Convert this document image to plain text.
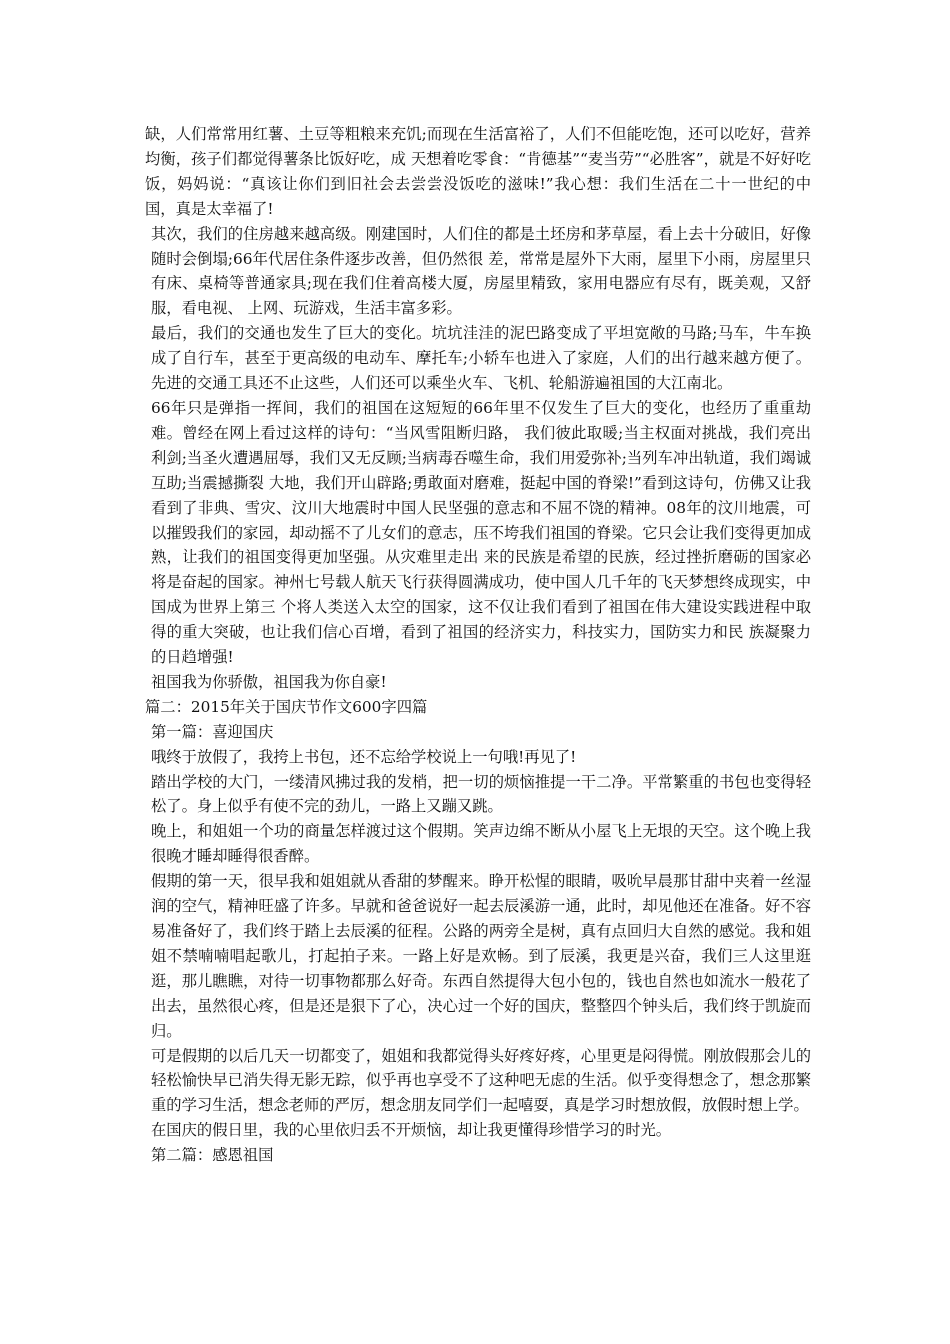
缺，人们常常用红薯、土豆等粗粮来充饥;而现在生活富裕了，人们不但能吃饱，还可以吃好，营养均衡，孩子们都觉得薯条比饭好吃，成 天想着吃零食：“肯德基”“麦当劳”“必胜客”，就是不好好吃饭，妈妈说：“真该让你们到旧社会去尝尝没饭吃的滋味!”我心想：我们生活在二十一世纪的中 国，真是太幸福了!

其次，我们的住房越来越高级。刚建国时，人们住的都是土坯房和茅草屋，看上去十分破旧，好像随时会倒塌;66年代居住条件逐步改善，但仍然很 差，常常是屋外下大雨，屋里下小雨，房屋里只有床、桌椅等普通家具;现在我们住着高楼大厦，房屋里精致，家用电器应有尽有，既美观，又舒服，看电视、 上网、玩游戏，生活丰富多彩。

最后，我们的交通也发生了巨大的变化。坑坑洼洼的泥巴路变成了平坦宽敞的马路;马车，牛车换成了自行车，甚至于更高级的电动车、摩托车;小轿车也进入了家庭，人们的出行越来越方便了。先进的交通工具还不止这些，人们还可以乘坐火车、飞机、轮船游遍祖国的大江南北。

66年只是弹指一挥间，我们的祖国在这短短的66年里不仅发生了巨大的变化，也经历了重重劫难。曾经在网上看过这样的诗句：“当风雪阻断归路， 我们彼此取暖;当主权面对挑战，我们亮出利剑;当圣火遭遇屈辱，我们又无反顾;当病毒吞噬生命，我们用爱弥补;当列车冲出轨道，我们竭诚互助;当震撼撕裂 大地，我们开山辟路;勇敢面对磨难，挺起中国的脊梁!”看到这诗句，仿佛又让我看到了非典、雪灾、汶川大地震时中国人民坚强的意志和不屈不饶的精神。08年的汶川地震，可以摧毁我们的家园，却动摇不了儿女们的意志，压不垮我们祖国的脊梁。它只会让我们变得更加成熟，让我们的祖国变得更加坚强。从灾难里走出 来的民族是希望的民族，经过挫折磨砺的国家必将是奋起的国家。神州七号载人航天飞行获得圆满成功，使中国人几千年的飞天梦想终成现实，中国成为世界上第三 个将人类送入太空的国家，这不仅让我们看到了祖国在伟大建设实践进程中取得的重大突破，也让我们信心百增，看到了祖国的经济实力，科技实力，国防实力和民 族凝聚力的日趋增强!

祖国我为你骄傲，祖国我为你自豪!

篇二：2015年关于国庆节作文600字四篇

第一篇：喜迎国庆

哦终于放假了，我挎上书包，还不忘给学校说上一句哦!再见了!

踏出学校的大门，一缕清风拂过我的发梢，把一切的烦恼推提一干二净。平常繁重的书包也变得轻松了。身上似乎有使不完的劲儿，一路上又蹦又跳。

晚上，和姐姐一个功的商量怎样渡过这个假期。笑声边绵不断从小屋飞上无垠的天空。这个晚上我很晚才睡却睡得很香醉。

假期的第一天，很早我和姐姐就从香甜的梦醒来。睁开松惺的眼睛，吸吮早晨那甘甜中夹着一丝湿润的空气，精神旺盛了许多。早就和爸爸说好一起去辰溪游一通，此时，却见他还在准备。好不容易准备好了，我们终于踏上去辰溪的征程。公路的两旁全是树，真有点回归大自然的感觉。我和姐姐不禁喃喃唱起歌儿，打起拍子来。一路上好是欢畅。到了辰溪，我更是兴奋，我们三人这里逛逛，那儿瞧瞧，对待一切事物都那么好奇。东西自然提得大包小包的，钱也自然也如流水一般花了出去，虽然很心疼，但是还是狠下了心，决心过一个好的国庆，整整四个钟头后，我们终于凯旋而归。

可是假期的以后几天一切都变了，姐姐和我都觉得头好疼好疼，心里更是闷得慌。刚放假那会儿的轻松愉快早已消失得无影无踪，似乎再也享受不了这种吧无虑的生活。似乎变得想念了，想念那繁重的学习生活，想念老师的严厉，想念朋友同学们一起嘻耍，真是学习时想放假，放假时想上学。

在国庆的假日里，我的心里依归丢不开烦恼，却让我更懂得珍惜学习的时光。

第二篇：感恩祖国
